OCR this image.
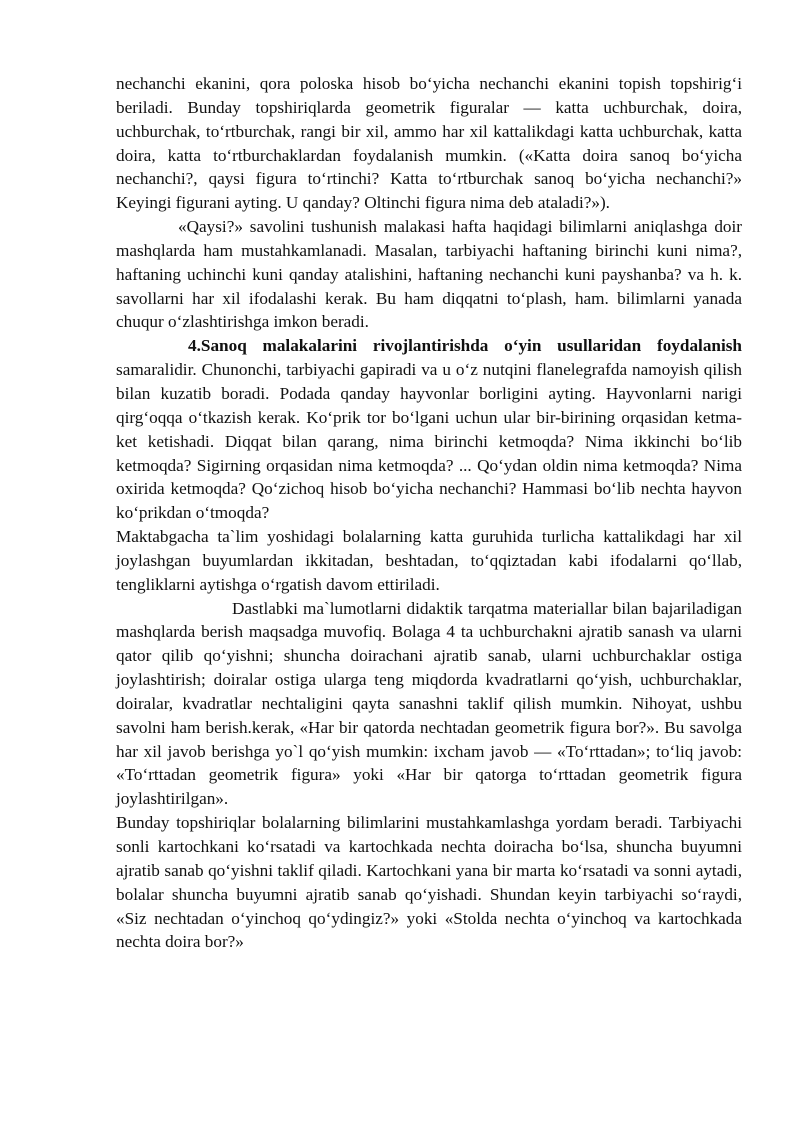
nechanchi ekanini, qora poloska hisob bo‘yicha nechanchi ekanini topish topshirig‘i beriladi. Bunday topshiriqlarda geometrik figuralar — katta uchburchak, doira, uchburchak, to‘rtburchak, rangi bir xil, ammo har xil kattalikdagi katta uchburchak, katta doira, katta to‘rtburchaklardan foydalanish mumkin. («Katta doira sanoq bo‘yicha nechanchi?, qaysi figura to‘rtinchi? Katta to‘rtburchak sanoq bo‘yicha nechanchi?» Keyingi figurani ayting. U qanday? Oltinchi figura nima deb ataladi?»).

«Qaysi?» savolini tushunish malakasi hafta haqidagi bilimlarni aniqlashga doir mashqlarda ham mustahkamlanadi. Masalan, tarbiyachi haftaning birinchi kuni nima?, haftaning uchinchi kuni qanday atalishini, haftaning nechanchi kuni payshanba? va h. k. savollarni har xil ifodalashi kerak. Bu ham diqqatni to‘plash, ham. bilimlarni yanada chuqur o‘zlashtirishga imkon beradi.

4.Sanoq malakalarini rivojlantirishda o‘yin usullaridan foydalanish samaralidir. Chunonchi, tarbiyachi gapiradi va u o‘z nutqini flanelegrafda namoyish qilish bilan kuzatib boradi. Podada qanday hayvonlar borligini ayting. Hayvonlarni narigi qirg‘oqqa o‘tkazish kerak. Ko‘prik tor bo‘lgani uchun ular bir-birining orqasidan ketma-ket ketishadi. Diqqat bilan qarang, nima birinchi ketmoqda? Nima ikkinchi bo‘lib ketmoqda? Sigirning orqasidan nima ketmoqda? ... Qo‘ydan oldin nima ketmoqda? Nima oxirida ketmoqda? Qo‘zichoq hisob bo‘yicha nechanchi? Hammasi bo‘lib nechta hayvon ko‘prikdan o‘tmoqda?

Maktabgacha ta`lim yoshidagi bolalarning katta guruhida turlicha kattalikdagi har xil joylashgan buyumlardan ikkitadan, beshtadan, to‘qqiztadan kabi ifodalarni qo‘llab, tengliklarni aytishga o‘rgatish davom ettiriladi.

Dastlabki ma`lumotlarni didaktik tarqatma materiallar bilan bajariladigan mashqlarda berish maqsadga muvofiq. Bolaga 4 ta uchburchakni ajratib sanash va ularni qator qilib qo‘yishni; shuncha doirachani ajratib sanab, ularni uchburchaklar ostiga joylashtirish; doiralar ostiga ularga teng miqdorda kvadratlarni qo‘yish, uchburchaklar, doiralar, kvadratlar nechtaligini qayta sanashni taklif qilish mumkin. Nihoyat, ushbu savolni ham berish.kerak, «Har bir qatorda nechtadan geometrik figura bor?». Bu savolga har xil javob berishga yo`l qo‘yish mumkin: ixcham javob — «To‘rttadan»; to‘liq javob: «To‘rttadan geometrik figura» yoki «Har bir qatorga to‘rttadan geometrik figura joylashtirilgan».

Bunday topshiriqlar bolalarning bilimlarini mustahkamlashga yordam beradi. Tarbiyachi sonli kartochkani ko‘rsatadi va kartochkada nechta doiracha bo‘lsa, shuncha buyumni ajratib sanab qo‘yishni taklif qiladi. Kartochkani yana bir marta ko‘rsatadi va sonni aytadi, bolalar shuncha buyumni ajratib sanab qo‘yishadi. Shundan keyin tarbiyachi so‘raydi, «Siz nechtadan o‘yinchoq qo‘ydingiz?» yoki «Stolda nechta o‘yinchoq va kartochkada nechta doira bor?»
